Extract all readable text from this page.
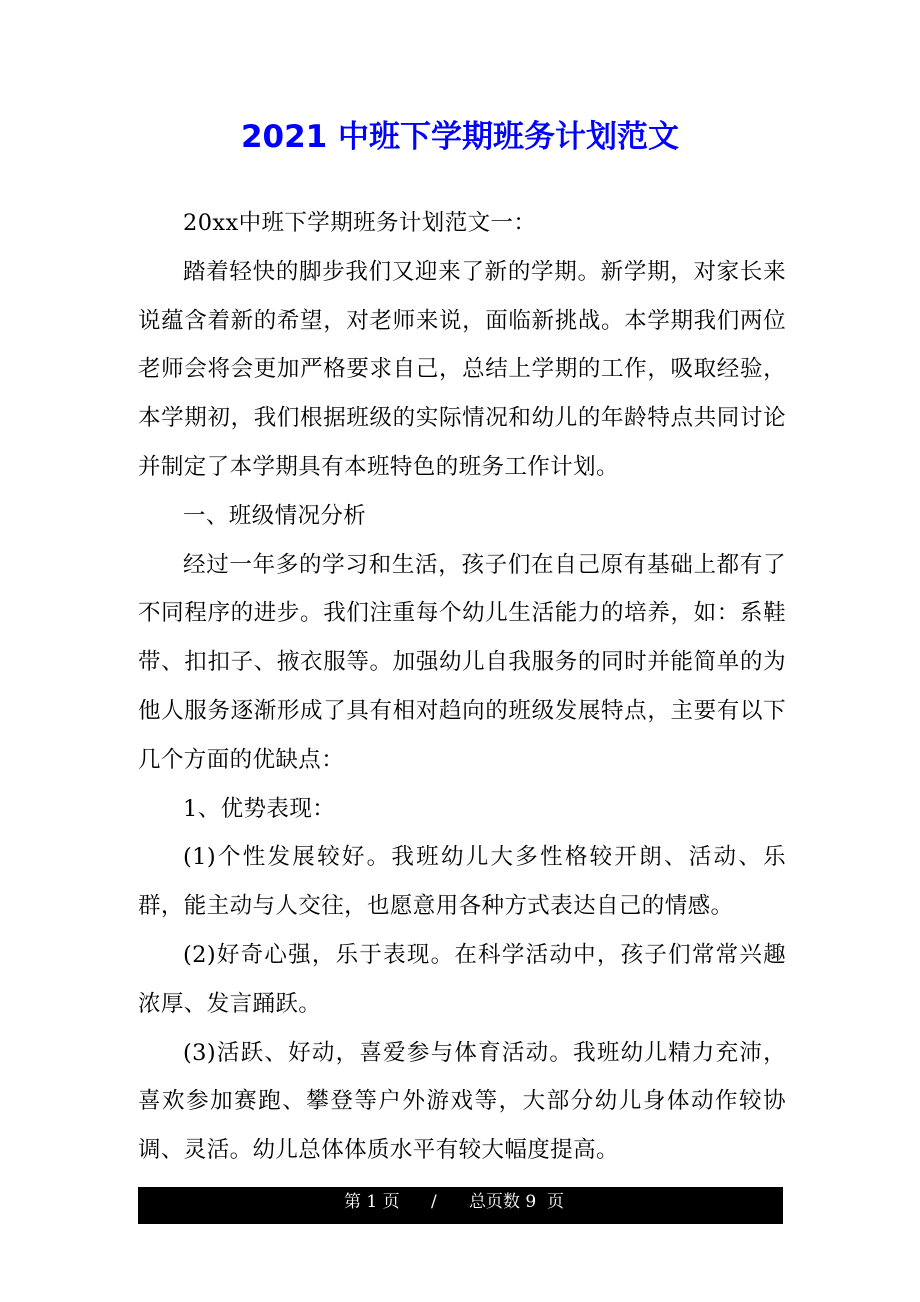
2021 中班下学期班务计划范文

20xx中班下学期班务计划范文一：

踏着轻快的脚步我们又迎来了新的学期。新学期，对家长来说蕴含着新的希望，对老师来说，面临新挑战。本学期我们两位老师会将会更加严格要求自己，总结上学期的工作，吸取经验，本学期初，我们根据班级的实际情况和幼儿的年龄特点共同讨论并制定了本学期具有本班特色的班务工作计划。

一、班级情况分析

经过一年多的学习和生活，孩子们在自己原有基础上都有了不同程序的进步。我们注重每个幼儿生活能力的培养，如：系鞋带、扣扣子、掖衣服等。加强幼儿自我服务的同时并能简单的为他人服务逐渐形成了具有相对趋向的班级发展特点，主要有以下几个方面的优缺点：

1、优势表现：

(1)个性发展较好。我班幼儿大多性格较开朗、活动、乐群，能主动与人交往，也愿意用各种方式表达自己的情感。

(2)好奇心强，乐于表现。在科学活动中，孩子们常常兴趣浓厚、发言踊跃。

(3)活跃、好动，喜爱参与体育活动。我班幼儿精力充沛，喜欢参加赛跑、攀登等户外游戏等，大部分幼儿身体动作较协调、灵活。幼儿总体体质水平有较大幅度提高。

第 1 页 / 总页数 9  页
